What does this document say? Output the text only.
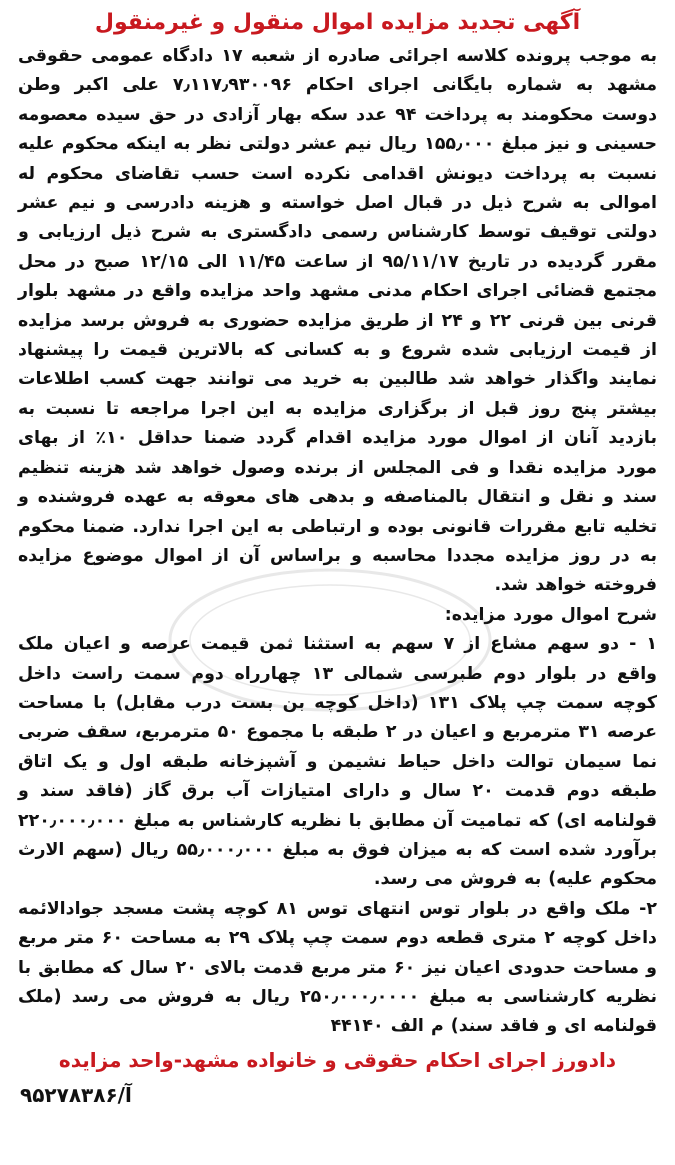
آگهی تجدید مزایده اموال منقول و غیرمنقول

به موجب پرونده کلاسه اجرائی صادره از شعبه ۱۷ دادگاه عمومی حقوقی مشهد به شماره بایگانی اجرای احکام ۷٫۱۱۷٫۹۳۰۰۹۶ علی اکبر وطن دوست محکومند به پرداخت ۹۴ عدد سکه بهار آزادی در حق سیده معصومه حسینی و نیز مبلغ ۱۵۵٫۰۰۰ ریال نیم عشر دولتی نظر به اینکه محکوم علیه نسبت به پرداخت دیونش اقدامی نکرده است حسب تقاضای محکوم له اموالی به شرح ذیل در قبال اصل خواسته و هزینه دادرسی و نیم عشر دولتی توقیف توسط کارشناس رسمی دادگستری به شرح ذیل ارزیابی و مقرر گردیده در تاریخ ۹۵/۱۱/۱۷ از ساعت ۱۱/۴۵ الی ۱۲/۱۵ صبح در محل مجتمع قضائی اجرای احکام مدنی مشهد واحد مزایده واقع در مشهد بلوار قرنی بین قرنی ۲۲ و ۲۴ از طریق مزایده حضوری به فروش برسد مزایده از قیمت ارزیابی شده شروع و به کسانی که بالاترین قیمت را پیشنهاد نمایند واگذار خواهد شد طالبین به خرید می توانند جهت کسب اطلاعات بیشتر پنج روز قبل از برگزاری مزایده به این اجرا مراجعه تا نسبت به بازدید آنان از اموال مورد مزایده اقدام گردد ضمنا حداقل ۱۰٪ از بهای مورد مزایده نقدا و فی المجلس از برنده وصول خواهد شد هزینه تنظیم سند و نقل و انتقال بالمناصفه و بدهی های معوقه به عهده فروشنده و تخلیه تابع مقررات قانونی بوده و ارتباطی به این اجرا ندارد. ضمنا محکوم به در روز مزایده مجددا محاسبه و براساس آن از اموال موضوع مزایده فروخته خواهد شد.

شرح اموال مورد مزایده:

۱ - دو سهم مشاع از ۷ سهم به استثنا ثمن قیمت عرصه و اعیان ملک واقع در بلوار دوم طبرسی شمالی ۱۳ چهارراه دوم سمت راست داخل کوچه سمت چپ پلاک ۱۳۱ (داخل کوچه بن بست درب مقابل) با مساحت عرصه ۳۱ مترمربع و اعیان در ۲ طبقه با مجموع ۵۰ مترمربع، سقف ضربی نما سیمان توالت داخل حیاط نشیمن و آشپزخانه طبقه اول و یک اتاق طبقه دوم قدمت ۲۰ سال و دارای امتیازات آب برق گاز (فاقد سند و قولنامه ای) که تمامیت آن مطابق با نظریه کارشناس به مبلغ ۲۲۰٫۰۰۰٫۰۰۰ برآورد شده است که به میزان فوق به مبلغ ۵۵٫۰۰۰٫۰۰۰ ریال (سهم الارث محکوم علیه) به فروش می رسد.

۲- ملک واقع در بلوار توس انتهای توس ۸۱ کوچه پشت مسجد جوادالائمه داخل کوچه ۲ متری قطعه دوم سمت چپ پلاک ۲۹ به مساحت ۶۰ متر مربع و مساحت حدودی اعیان نیز ۶۰ متر مربع قدمت بالای ۲۰ سال که مطابق با نظریه کارشناسی به مبلغ ۲۵۰٫۰۰۰٫۰۰۰۰ ریال به فروش می رسد (ملک قولنامه ای و فاقد سند) م الف ۴۴۱۴۰

دادورز اجرای احکام حقوقی و خانواده مشهد-واحد مزایده
آ/۹۵۲۷۸۳۸۶
